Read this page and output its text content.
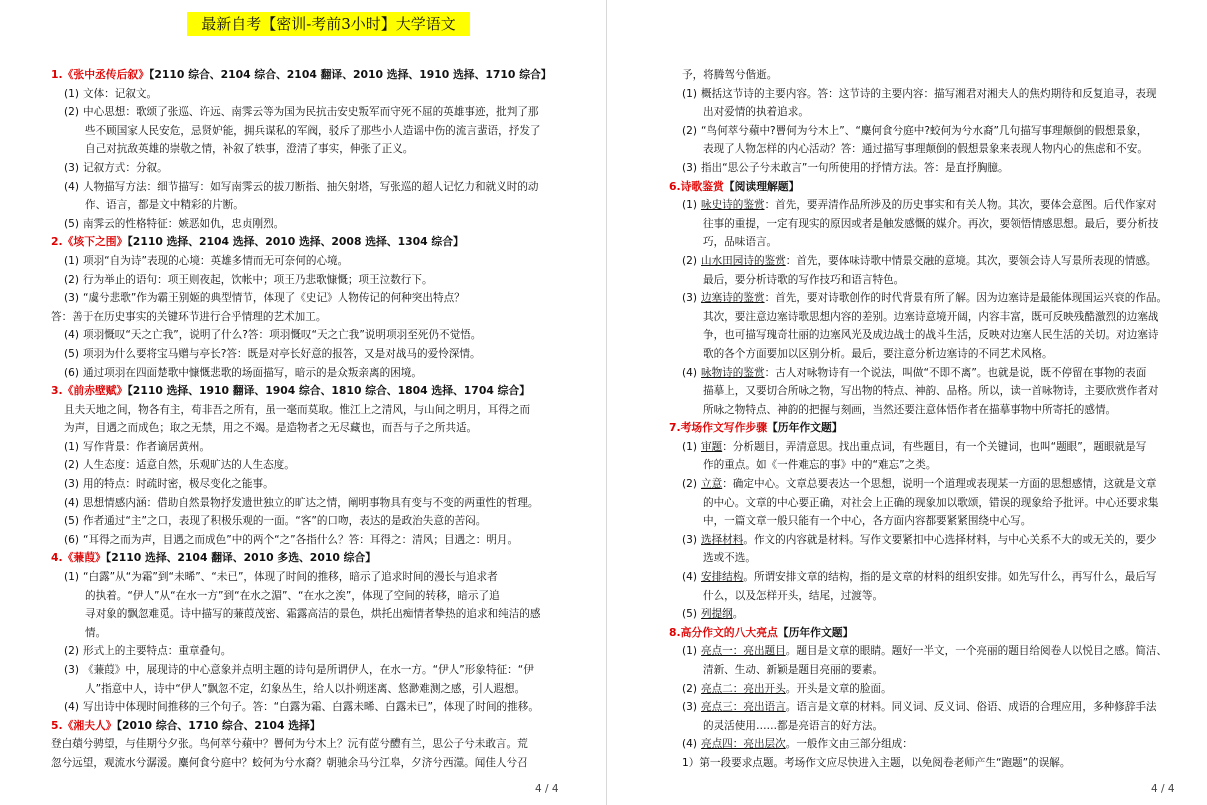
最新自考【密训-考前3小时】大学语文
1.《张中丞传后叙》【2110 综合、2104 综合、2104 翻译、2010 选择、1910 选择、1710 综合】
(1) 文体：记叙文。
(2) 中心思想：歌颂了张巡、许远、南霁云等为国为民抗击安史叛军而守死不屈的英雄事迹，批判了那
些不顾国家人民安危，忌贤妒能，拥兵谋私的军阀，驳斥了那些小人造谣中伤的流言蜚语，抒发了
自己对抗敌英雄的崇敬之情，补叙了轶事，澄清了事实，伸张了正义。
(3) 记叙方式：分叙。
(4) 人物描写方法：细节描写：如写南霁云的拔刀断指、抽矢射塔，写张巡的超人记忆力和就义时的动
作、语言，都是文中精彩的片断。
(5) 南霁云的性格特征：嫉恶如仇，忠贞刚烈。
2.《垓下之围》【2110 选择、2104 选择、2010 选择、2008 选择、1304 综合】
(1) 项羽“自为诗”表现的心境：英雄多情而无可奈何的心境。
(2) 行为举止的语句：项王则夜起，饮帐中；项王乃悲歌慷慨；项王泣数行下。
(3) “虞兮悲歌”作为霸王别姬的典型情节，体现了《史记》人物传记的何种突出特点？
答：善于在历史事实的关键环节进行合乎情理的艺术加工。
(4) 项羽慨叹“天之亡我”，说明了什么?答：项羽慨叹“天之亡我”说明项羽至死仍不觉悟。
(5) 项羽为什么要将宝马赠与亭长?答：既是对亭长好意的报答，又是对战马的爱怜深情。
(6) 通过项羽在四面楚歌中慷慨悲歌的场面描写，暗示的是众叛亲离的困境。
3.《前赤壁赋》【2110 选择、1910 翻译、1904 综合、1810 综合、1804 选择、1704 综合】
且夫天地之间，物各有主，苟非吾之所有，虽一毫而莫取。惟江上之清风，与山间之明月，耳得之而
为声，目遇之而成色；取之无禁，用之不竭。是造物者之无尽藏也，而吾与子之所共适。
(1) 写作背景：作者谪居黄州。
(2) 人生态度：适意自然，乐观旷达的人生态度。
(3) 用的特点：时疏时密，极尽变化之能事。
(4) 思想情感内涵：借助自然景物抒发遗世独立的旷达之情，阐明事物具有变与不变的两重性的哲理。
(5) 作者通过“主”之口，表现了积极乐观的一面。“客”的口吻，表达的是政治失意的苦闷。
(6) “耳得之而为声，目遇之而成色”中的两个“之”各指什么？答：耳得之：清风；目遇之：明月。
4.《蒹葭》【2110 选择、2104 翻译、2010 多选、2010 综合】
(1) “白露”从“为霜”到“未晞”、“未已”，体现了时间的推移，暗示了追求时间的漫长与追求者
的执着。“伊人”从“在水一方”到“在水之湄”、“在水之涘”，体现了空间的转移，暗示了追
寻对象的飘忽难觅。诗中描写的蒹葭茂密、霜露高洁的景色，烘托出痴情者挚热的追求和纯洁的感
情。
(2) 形式上的主要特点：重章叠句。
(3) 《蒹葭》中，展现诗的中心意象并点明主题的诗句是所谓伊人，在水一方。“伊人”形象特征：“伊
人”指意中人，诗中“伊人”飘忽不定，幻象丛生，给人以扑朔迷离、悠渺难测之感，引人遐想。
(4) 写出诗中体现时间推移的三个句子。答：“白露为霜、白露未晞、白露未已”，体现了时间的推移。
5.《湘夫人》【2010 综合、1710 综合、2104 选择】
登白薠兮骋望，与佳期兮夕张。鸟何萃兮蘋中？罾何为兮木上？沅有茝兮醴有兰，思公子兮未敢言。荒
忽兮远望，观流水兮潺湲。麋何食兮庭中？蛟何为兮水裔？朝驰余马兮江皋，夕济兮西澨。闻佳人兮召
4 / 4
予，将腾驾兮偕逝。
(1) 概括这节诗的主要内容。答：这节诗的主要内容：描写湘君对湘夫人的焦灼期待和反复追寻，表现
出对爱情的执着追求。
(2) “鸟何萃兮蘋中?罾何为兮木上”、“麋何食兮庭中?蛟何为兮水裔”几句描写事理颠倒的假想景象，
表现了人物怎样的内心活动？答：通过描写事理颠倒的假想景象来表现人物内心的焦虑和不安。
(3) 指出“思公子兮未敢言”一句所使用的抒情方法。答：是直抒胸臆。
6.诗歌鉴赏【阅读理解题】
(1) 咏史诗的鉴赏：首先，要弄清作品所涉及的历史事实和有关人物。其次，要体会意图。后代作家对
往事的重提，一定有现实的原因或者是触发感慨的媒介。再次，要领悟情感思想。最后，要分析技
巧，品味语言。
(2) 山水田园诗的鉴赏：首先，要体味诗歌中情景交融的意境。其次，要领会诗人写景所表现的情感。
最后，要分析诗歌的写作技巧和语言特色。
(3) 边塞诗的鉴赏：首先，要对诗歌创作的时代背景有所了解。因为边塞诗是最能体现国运兴衰的作品。
其次，要注意边塞诗歌思想内容的差别。边塞诗意境开阔，内容丰富，既可反映残酷激烈的边塞战
争，也可描写瑰奇壮丽的边塞风光及成边战士的战斗生活，反映对边塞人民生活的关切。对边塞诗
歌的各个方面要加以区别分析。最后，要注意分析边塞诗的不同艺术风格。
(4) 咏物诗的鉴赏：古人对咏物诗有一个说法，叫做“不即不离”。也就是说，既不停留在事物的表面
描摹上，又要切合所咏之物，写出物的特点、神韵、品格。所以，读一首咏物诗，主要欣赏作者对
所咏之物特点、神韵的把握与刻画，当然还要注意体悟作者在描摹事物中所寄托的感情。
7.考场作文写作步骤【历年作文题】
(1) 审题：分析题目，弄清意思。找出重点词，有些题目，有一个关键词，也叫“题眼”，题眼就是写
作的重点。如《一件难忘的事》中的“难忘”之类。
(2) 立意：确定中心。文章总要表达一个思想，说明一个道理或表现某一方面的思想感情，这就是文章
的中心。文章的中心要正确，对社会上正确的现象加以歌颂，错误的现象给予批评。中心还要求集
中，一篇文章一般只能有一个中心，各方面内容都要紧紧围绕中心写。
(3) 选择材料。作文的内容就是材料。写作文要紧扣中心选择材料，与中心关系不大的或无关的，要少
选或不选。
(4) 安排结构。所谓安排文章的结构，指的是文章的材料的组织安排。如先写什么，再写什么，最后写
什么，以及怎样开头，结尾，过渡等。
(5) 列提纲。
8.高分作文的八大亮点【历年作文题】
(1) 亮点一：亮出题目。题目是文章的眼睛。题好一半文，一个亮丽的题目给阅卷人以悦目之感。简洁、
清新、生动、新颖是题目亮丽的要素。
(2) 亮点二：亮出开头。开头是文章的脸面。
(3) 亮点三：亮出语言。语言是文章的材料。同义词、反义词、俗语、成语的合理应用，多种修辞手法
的灵活使用……都是亮语言的好方法。
(4) 亮点四：亮出层次。一般作文由三部分组成：
1）第一段要求点题。考场作文应尽快进入主题，以免阅卷老师产生“跑题”的误解。
4 / 4
